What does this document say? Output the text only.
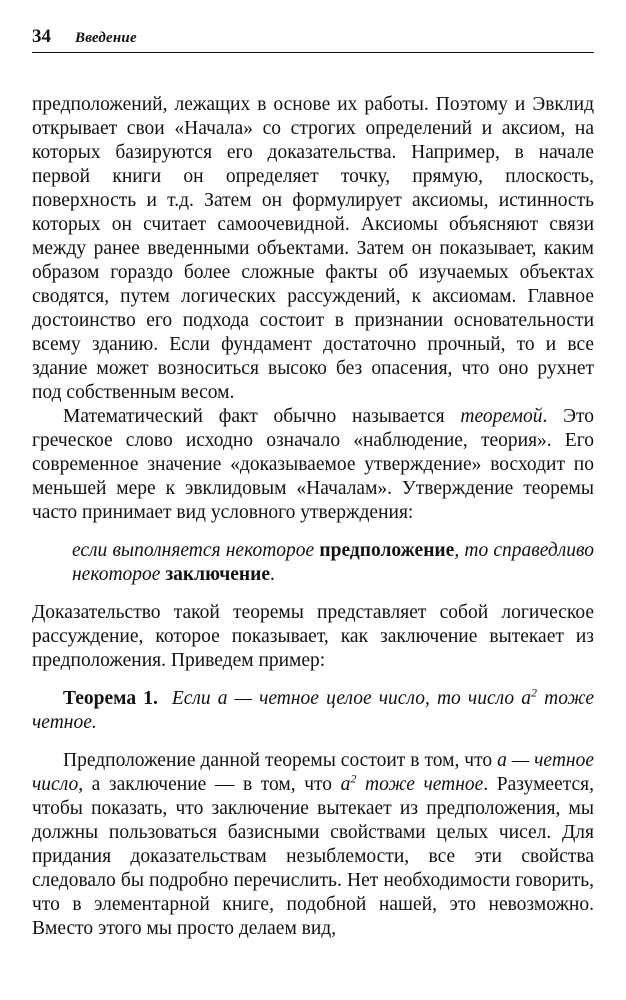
34 Введение

предположений, лежащих в основе их работы. Поэтому и Эвклид открывает свои «Начала» со строгих определений и аксиом, на которых базируются его доказательства. Например, в начале первой книги он определяет точку, прямую, плоскость, поверхность и т.д. Затем он формулирует аксиомы, истинность которых он считает самоочевидной. Аксиомы объясняют связи между ранее введенными объектами. Затем он показывает, каким образом гораздо более сложные факты об изучаемых объектах сводятся, путем логических рассуждений, к аксиомам. Главное достоинство его подхода состоит в признании основательности всему зданию. Если фундамент достаточно прочный, то и все здание может возноситься высоко без опасения, что оно рухнет под собственным весом.

Математический факт обычно называется теоремой. Это греческое слово исходно означало «наблюдение, теория». Его современное значение «доказываемое утверждение» восходит по меньшей мере к эвклидовым «Началам». Утверждение теоремы часто принимает вид условного утверждения:

если выполняется некоторое предположение, то справедливо некоторое заключение.

Доказательство такой теоремы представляет собой логическое рассуждение, которое показывает, как заключение вытекает из предположения. Приведем пример:

Теорема 1. Если a — четное целое число, то число $a^2$ тоже четное.

Предположение данной теоремы состоит в том, что a — четное число, а заключение — в том, что $a^2$ тоже четное. Разумеется, чтобы показать, что заключение вытекает из предположения, мы должны пользоваться базисными свойствами целых чисел. Для придания доказательствам незыблемости, все эти свойства следовало бы подробно перечислить. Нет необходимости говорить, что в элементарной книге, подобной нашей, это невозможно. Вместо этого мы просто делаем вид,
